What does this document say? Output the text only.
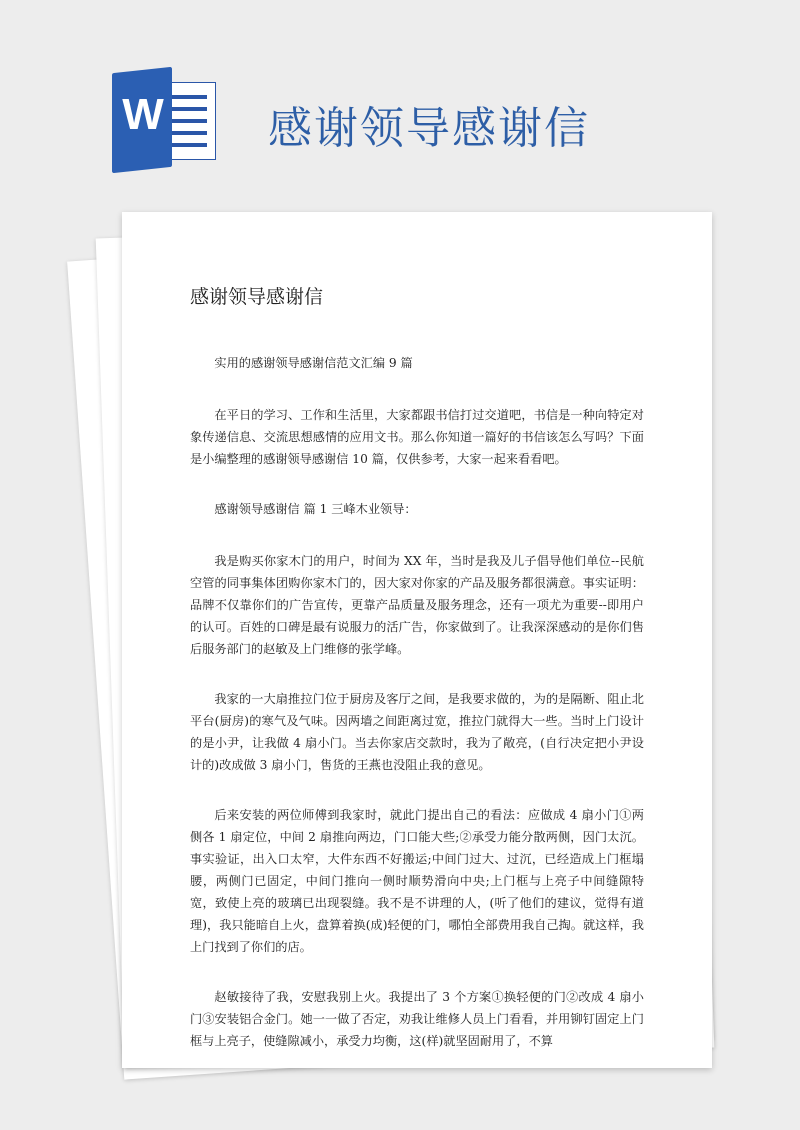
W 感谢领导感谢信
感谢领导感谢信

实用的感谢领导感谢信范文汇编 9 篇

在平日的学习、工作和生活里，大家都跟书信打过交道吧，书信是一种向特定对象传递信息、交流思想感情的应用文书。那么你知道一篇好的书信该怎么写吗？下面是小编整理的感谢领导感谢信 10 篇，仅供参考，大家一起来看看吧。

感谢领导感谢信 篇 1 三峰木业领导：

我是购买你家木门的用户，时间为 XX 年，当时是我及儿子倡导他们单位--民航空管的同事集体团购你家木门的，因大家对你家的产品及服务都很满意。事实证明：品牌不仅靠你们的广告宣传，更靠产品质量及服务理念，还有一项尤为重要--即用户的认可。百姓的口碑是最有说服力的活广告，你家做到了。让我深深感动的是你们售后服务部门的赵敏及上门维修的张学峰。

我家的一大扇推拉门位于厨房及客厅之间，是我要求做的，为的是隔断、阻止北平台(厨房)的寒气及气味。因两墙之间距离过宽，推拉门就得大一些。当时上门设计的是小尹，让我做 4 扇小门。当去你家店交款时，我为了敞亮，(自行决定把小尹设计的)改成做 3 扇小门，售货的王燕也没阻止我的意见。

后来安装的两位师傅到我家时，就此门提出自己的看法：应做成 4 扇小门①两侧各 1 扇定位，中间 2 扇推向两边，门口能大些;②承受力能分散两侧，因门太沉。事实验证，出入口太窄，大件东西不好搬运;中间门过大、过沉，已经造成上门框塌腰，两侧门已固定，中间门推向一侧时顺势滑向中央;上门框与上亮子中间缝隙特宽，致使上亮的玻璃已出现裂缝。我不是不讲理的人，(听了他们的建议，觉得有道理)，我只能暗自上火，盘算着换(成)轻便的门，哪怕全部费用我自己掏。就这样，我上门找到了你们的店。

赵敏接待了我，安慰我别上火。我提出了 3 个方案①换轻便的门②改成 4 扇小门③安装铝合金门。她一一做了否定，劝我让维修人员上门看看，并用铆钉固定上门框与上亮子，使缝隙减小，承受力均衡，这(样)就坚固耐用了，不算
